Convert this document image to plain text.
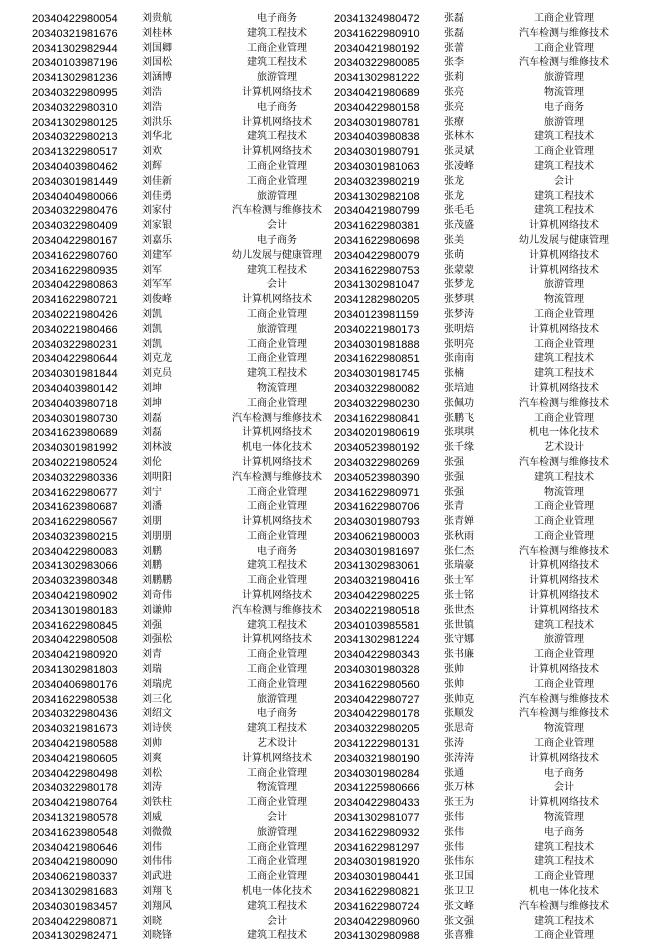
20340422980054 刘贵航	电子商务
20340321981676 刘桂林	建筑工程技术
20341302982944 刘国卿	工商企业管理
20340103987196 刘国松	建筑工程技术
20341302981236 刘涵博	旅游管理
20340322980995 刘浩	计算机网络技术
20340322980310 刘浩	电子商务
20341302980125 刘洪乐	计算机网络技术
20340322980213 刘华北	建筑工程技术
20341322980517 刘欢	计算机网络技术
20340403980462 刘辉	工商企业管理
20340301981449 刘佳新	工商企业管理
20340404980066 刘佳勇	旅游管理
20340322980476 刘家付	汽车检测与维修技术
20340322980409 刘家银	会计
20340422980167 刘嘉乐	电子商务
20341622980760 刘建军	幼儿发展与健康管理
20341622980935 刘军	建筑工程技术
20340422980863 刘军军	会计
20341622980721 刘俊峰	计算机网络技术
20340221980426 刘凯	工商企业管理
20340221980466 刘凯	旅游管理
20340322980231 刘凯	工商企业管理
20340422980644 刘克龙	工商企业管理
20340301981844 刘克员	建筑工程技术
20340403980142 刘坤	物流管理
20340403980718 刘坤	工商企业管理
20340301980730 刘磊	汽车检测与维修技术
20341623980689 刘磊	计算机网络技术
20340301981992 刘林波	机电一体化技术
20340221980524 刘伦	计算机网络技术
20340322980336 刘明阳	汽车检测与维修技术
20341622980677 刘宁	工商企业管理
20341623980687 刘潘	工商企业管理
20341622980567 刘朋	计算机网络技术
20340323980215 刘朋朋	工商企业管理
20340422980083 刘鹏	电子商务
20341302983066 刘鹏	建筑工程技术
20340323980348 刘鹏鹏	工商企业管理
20340421980902 刘奇伟	计算机网络技术
20341301980183 刘谦帅	汽车检测与维修技术
20341622980845 刘强	建筑工程技术
20340422980508 刘强松	计算机网络技术
20340421980920 刘青	工商企业管理
20341302981803 刘瑞	工商企业管理
20340406980176 刘瑞虎	工商企业管理
20341622980538 刘三化	旅游管理
20340322980436 刘绍文	电子商务
20340321981673 刘诗侠	建筑工程技术
20340421980588 刘帅	艺术设计
20340421980605 刘爽	计算机网络技术
20340422980498 刘松	工商企业管理
20340322980178 刘涛	物流管理
20340421980764 刘铁柱	工商企业管理
20341321980578 刘威	会计
20341623980548 刘微微	旅游管理
20340421980646 刘伟	工商企业管理
20340421980090 刘伟伟	工商企业管理
20340621980337 刘武进	工商企业管理
20341302981683 刘翔飞	机电一体化技术
20340301983457 刘翔风	建筑工程技术
20340422980871 刘晓	会计
20341302982471 刘晓锋	建筑工程技术
20341324980472 张磊	工商企业管理
20341622980910 张磊	汽车检测与维修技术
20340421980192 张蕾	工商企业管理
20340322980085 张李	汽车检测与维修技术
20341302981222 张莉	旅游管理
20340421980689 张亮	物流管理
20340422980158 张亮	电子商务
20340301980781 张療	旅游管理
20340403980838 张林木	建筑工程技术
20340301980791 张灵斌	工商企业管理
20340301981063 张凌峰	建筑工程技术
20340323980219 张龙	会计
20341302982108 张龙	建筑工程技术
20340421980799 张毛毛	建筑工程技术
20341622980381 张茂盛	计算机网络技术
20341622980698 张美	幼儿发展与健康管理
20340422980079 张萌	计算机网络技术
20341622980753 张蒙蒙	计算机网络技术
20341302981047 张梦龙	旅游管理
20341282980205 张梦琪	物流管理
20340123981159	张梦涛	工商企业管理
20340221980173 张明焙	计算机网络技术
20340301981888 张明亮	工商企业管理
20341622980851 张南南	建筑工程技术
20340301981745 张楠	建筑工程技术
20340322980082 张培迪	计算机网络技术
20340322980230 张佩功	汽车检测与维修技术
20341622980841 张鹏飞	工商企业管理
20340201980619 张琪琪	机电一体化技术
20340523980192 张千缘	艺术设计
20340322980269 张强	汽车检测与维修技术
20340523980390 张强	建筑工程技术
20341622980971 张强	物流管理
20341622980706 张青	工商企业管理
20340301980793 张青婵	工商企业管理
20340621980003 张秋雨	工商企业管理
20340301981697 张仁杰	汽车检测与维修技术
20341302983061 张瑞豪	计算机网络技术
20340321980416 张士军	计算机网络技术
20340422980225 张士铭	计算机网络技术
20340221980518 张世杰	计算机网络技术
20340103985581 张世镇	建筑工程技术
20341302981224 张守娜	旅游管理
20340422980343 张书廉	工商企业管理
20340301980328 张帅	计算机网络技术
20341622980560 张帅	工商企业管理
20340422980727 张帅克	汽车检测与维修技术
20340422980178 张顺发	汽车检测与维修技术
20340322980205 张思奇	物流管理
20341222980131 张涛	工商企业管理
20340321980190 张涛涛	计算机网络技术
20340301980284 张通	电子商务
20341225980666 张万林	会计
20340422980433 张王为	计算机网络技术
20341302981077 张伟	物流管理
20341622980932 张伟	电子商务
20341622981297 张伟	建筑工程技术
20340301981920 张伟东	建筑工程技术
20340301980441 张卫国	工商企业管理
20341622980821 张卫卫	机电一体化技术
20341622980724 张文峰	汽车检测与维修技术
20340422980960 张文强	建筑工程技术
20341302980988 张喜雅	工商企业管理
